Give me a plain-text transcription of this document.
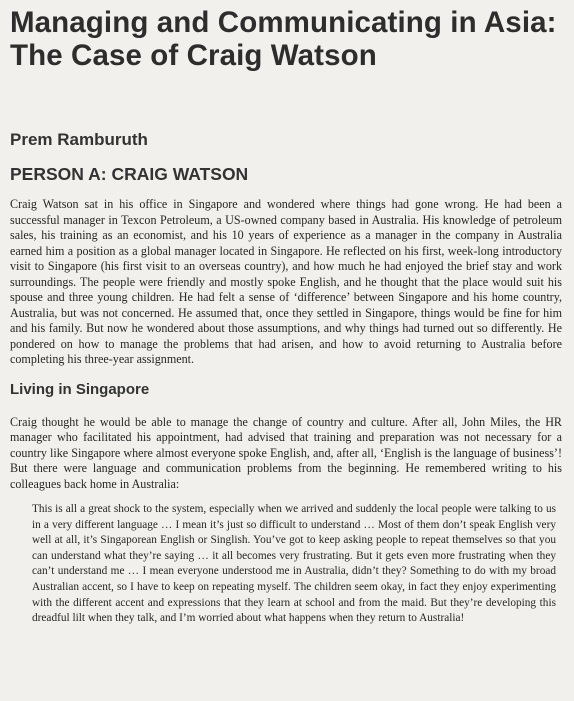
Managing and Communicating in Asia: The Case of Craig Watson
Prem Ramburuth
PERSON A: CRAIG WATSON

Craig Watson sat in his office in Singapore and wondered where things had gone wrong. He had been a successful manager in Texcon Petroleum, a US-owned company based in Australia. His knowledge of petroleum sales, his training as an economist, and his 10 years of experience as a manager in the company in Australia earned him a position as a global manager located in Singapore. He reflected on his first, week-long introductory visit to Singapore (his first visit to an overseas country), and how much he had enjoyed the brief stay and work surroundings. The people were friendly and mostly spoke English, and he thought that the place would suit his spouse and three young children. He had felt a sense of ‘difference’ between Singapore and his home country, Australia, but was not concerned. He assumed that, once they settled in Singapore, things would be fine for him and his family. But now he wondered about those assumptions, and why things had turned out so differently. He pondered on how to manage the problems that had arisen, and how to avoid returning to Australia before completing his three-year assignment.

Living in Singapore

Craig thought he would be able to manage the change of country and culture. After all, John Miles, the HR manager who facilitated his appointment, had advised that training and preparation was not necessary for a country like Singapore where almost everyone spoke English, and, after all, ‘English is the language of business’! But there were language and communication problems from the beginning. He remembered writing to his colleagues back home in Australia:

This is all a great shock to the system, especially when we arrived and suddenly the local people were talking to us in a very different language … I mean it’s just so difficult to understand … Most of them don’t speak English very well at all, it’s Singaporean English or Singlish. You’ve got to keep asking people to repeat themselves so that you can understand what they’re saying … it all becomes very frustrating. But it gets even more frustrating when they can’t understand me … I mean everyone understood me in Australia, didn’t they? Something to do with my broad Australian accent, so I have to keep on repeating myself. The children seem okay, in fact they enjoy experimenting with the different accent and expressions that they learn at school and from the maid. But they’re developing this dreadful lilt when they talk, and I’m worried about what happens when they return to Australia!
